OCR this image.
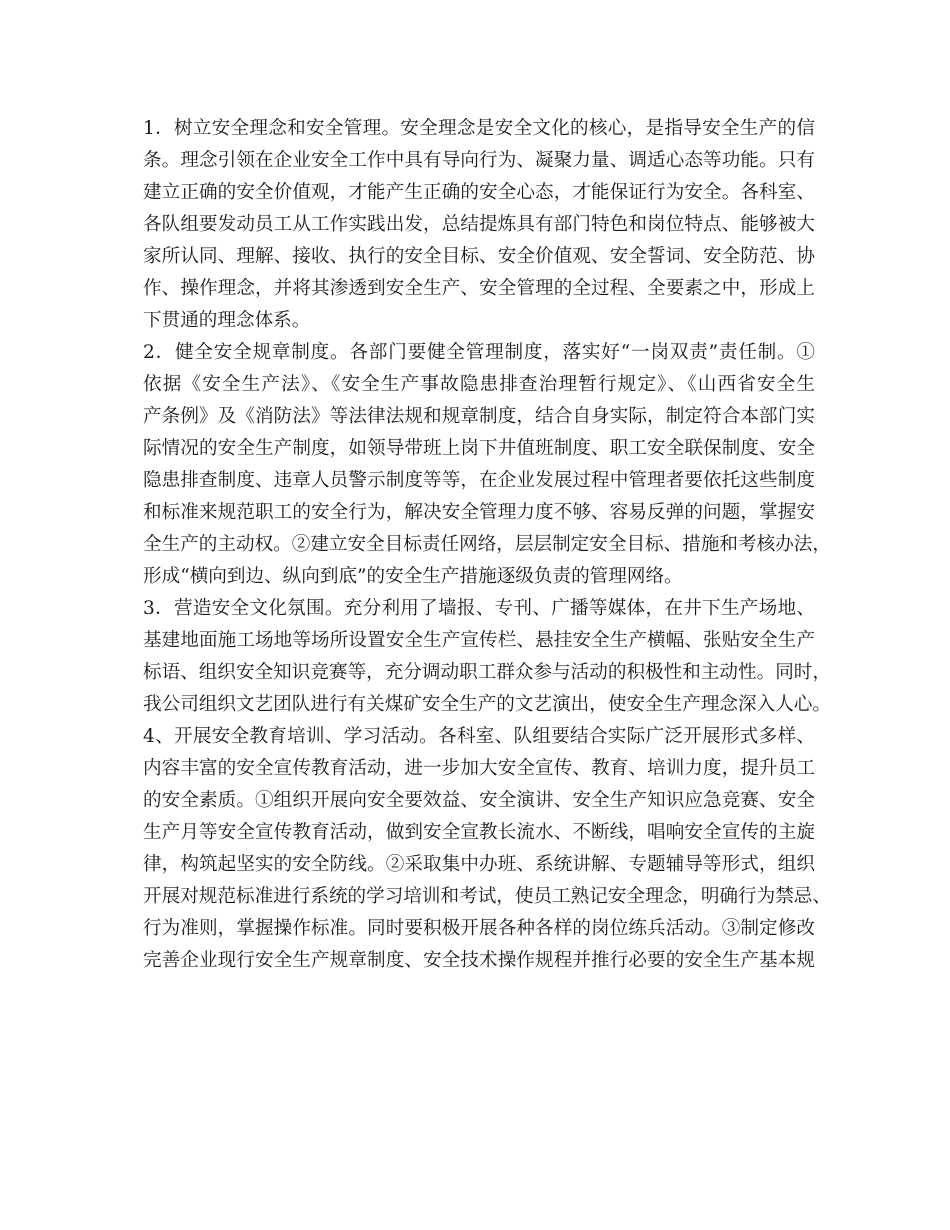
1．树立安全理念和安全管理。安全理念是安全文化的核心，是指导安全生产的信
条。理念引领在企业安全工作中具有导向行为、凝聚力量、调适心态等功能。只有
建立正确的安全价值观，才能产生正确的安全心态，才能保证行为安全。各科室、
各队组要发动员工从工作实践出发，总结提炼具有部门特色和岗位特点、能够被大
家所认同、理解、接收、执行的安全目标、安全价值观、安全誓词、安全防范、协
作、操作理念，并将其渗透到安全生产、安全管理的全过程、全要素之中，形成上
下贯通的理念体系。
2．健全安全规章制度。各部门要健全管理制度，落实好“一岗双责”责任制。①
依据《安全生产法》、《安全生产事故隐患排查治理暂行规定》、《山西省安全生
产条例》及《消防法》等法律法规和规章制度，结合自身实际，制定符合本部门实
际情况的安全生产制度，如领导带班上岗下井值班制度、职工安全联保制度、安全
隐患排查制度、违章人员警示制度等等，在企业发展过程中管理者要依托这些制度
和标准来规范职工的安全行为，解决安全管理力度不够、容易反弹的问题，掌握安
全生产的主动权。②建立安全目标责任网络，层层制定安全目标、措施和考核办法，
形成“横向到边、纵向到底”的安全生产措施逐级负责的管理网络。
3．营造安全文化氛围。充分利用了墙报、专刊、广播等媒体，在井下生产场地、
基建地面施工场地等场所设置安全生产宣传栏、悬挂安全生产横幅、张贴安全生产
标语、组织安全知识竞赛等，充分调动职工群众参与活动的积极性和主动性。同时，
我公司组织文艺团队进行有关煤矿安全生产的文艺演出，使安全生产理念深入人心。
4、开展安全教育培训、学习活动。各科室、队组要结合实际广泛开展形式多样、
内容丰富的安全宣传教育活动，进一步加大安全宣传、教育、培训力度，提升员工
的安全素质。①组织开展向安全要效益、安全演讲、安全生产知识应急竞赛、安全
生产月等安全宣传教育活动，做到安全宣教长流水、不断线，唱响安全宣传的主旋
律，构筑起坚实的安全防线。②采取集中办班、系统讲解、专题辅导等形式，组织
开展对规范标准进行系统的学习培训和考试，使员工熟记安全理念，明确行为禁忌、
行为准则，掌握操作标准。同时要积极开展各种各样的岗位练兵活动。③制定修改
完善企业现行安全生产规章制度、安全技术操作规程并推行必要的安全生产基本规
